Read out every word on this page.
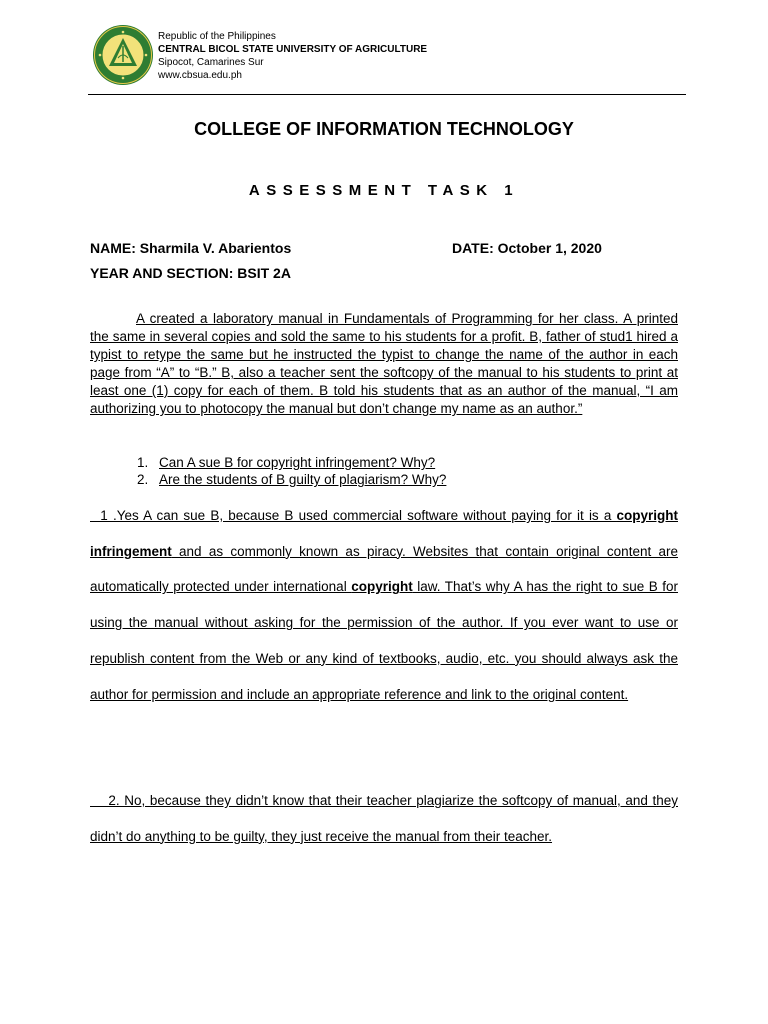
Republic of the Philippines
CENTRAL BICOL STATE UNIVERSITY OF AGRICULTURE
Sipocot, Camarines Sur
www.cbsua.edu.ph
COLLEGE OF INFORMATION TECHNOLOGY
ASSESSMENT TASK 1
NAME: Sharmila V. Abarientos	DATE: October 1, 2020
YEAR AND SECTION: BSIT 2A
A created a laboratory manual in Fundamentals of Programming for her class. A printed the same in several copies and sold the same to his students for a profit. B, father of stud1 hired a typist to retype the same but he instructed the typist to change the name of the author in each page from “A” to “B.” B, also a teacher sent the softcopy of the manual to his students to print at least one (1) copy for each of them. B told his students that as an author of the manual, “I am authorizing you to photocopy the manual but don’t change my name as an author.”
1. Can A sue B for copyright infringement? Why?
2. Are the students of B guilty of plagiarism? Why?
1 .Yes A can sue B, because B used commercial software without paying for it is a copyright infringement and as commonly known as piracy. Websites that contain original content are automatically protected under international copyright law. That’s why A has the right to sue B for using the manual without asking for the permission of the author. If you ever want to use or republish content from the Web or any kind of textbooks, audio, etc. you should always ask the author for permission and include an appropriate reference and link to the original content.
2. No, because they didn’t know that their teacher plagiarize the softcopy of manual, and they didn’t do anything to be guilty, they just receive the manual from their teacher.
